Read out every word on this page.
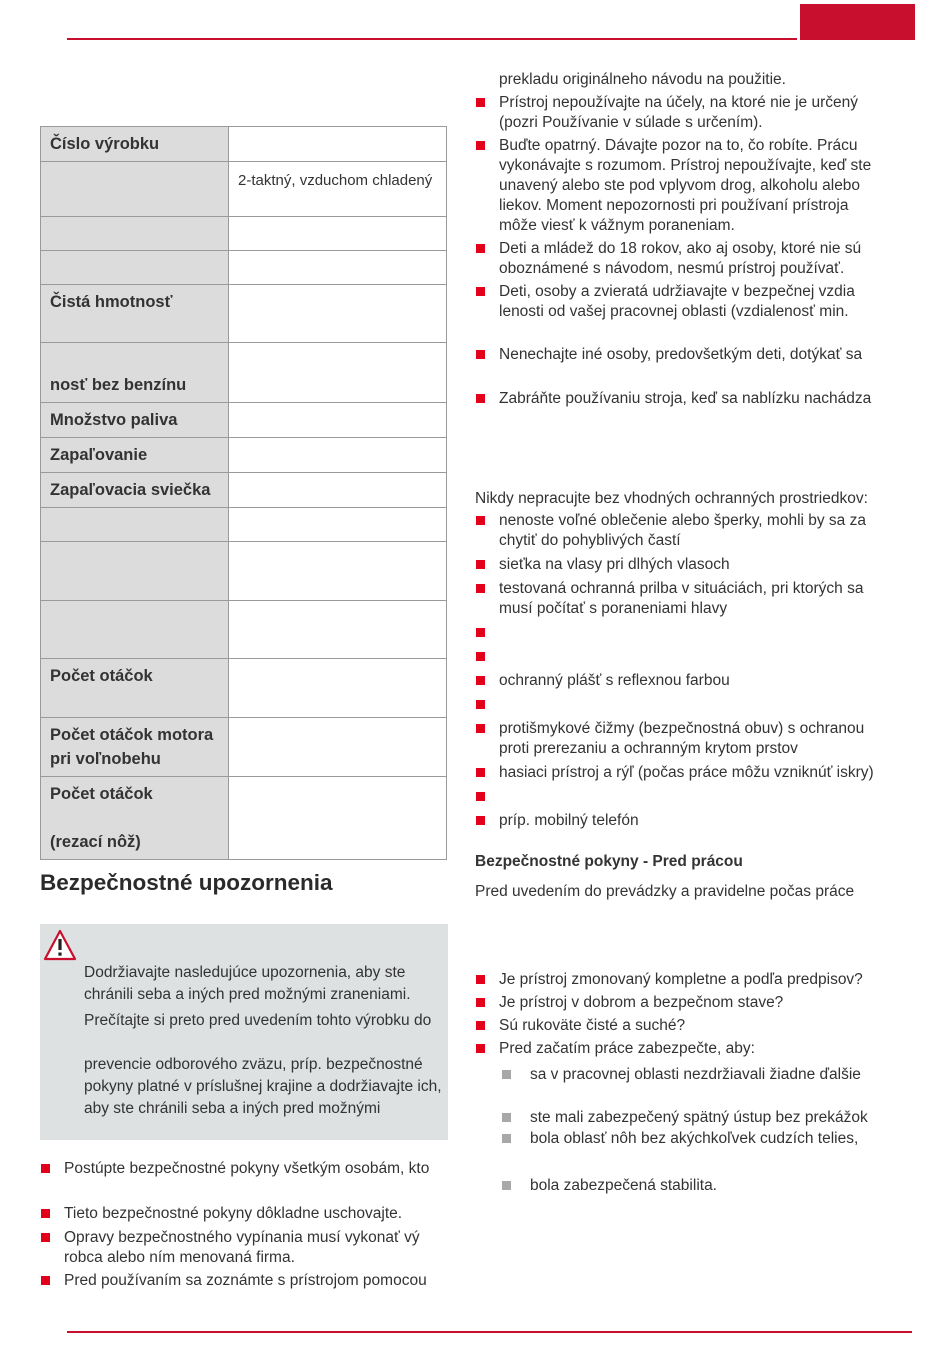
Číslo výrobku	
	2-taktný, vzduchom chladený

Čistá hmotnosť	
nosť bez benzínu	
Množstvo paliva	
Zapaľovanie	
Zapaľovacia sviečka	

Počet otáčok	
Počet otáčok motora pri voľnobehu	

Počet otáčok
(rezací nôž)	

Bezpečnostné upozornenia

Dodržiavajte nasledujúce upozornenia, aby ste chránili seba a iných pred možnými zraneniami.

Prečítajte si preto pred uvedením tohto výrobku do

prevencie odborového zväzu, príp. bezpečnostné pokyny platné v príslušnej krajine a dodržiavajte ich, aby ste chránili seba a iných pred možnými

Postúpte bezpečnostné pokyny všetkým osobám, kto
Tieto bezpečnostné pokyny dôkladne uschovajte.
Opravy bezpečnostného vypínania musí vykonať vý robca alebo ním menovaná firma.
Pred používaním sa zoznámte s prístrojom pomocou

prekladu originálneho návodu na použitie.

Prístroj nepoužívajte na účely, na ktoré nie je určený (pozri Používanie v súlade s určením).
Buďte opatrný. Dávajte pozor na to, čo robíte. Prácu vykonávajte s rozumom. Prístroj nepoužívajte, keď ste unavený alebo ste pod vplyvom drog, alkoholu alebo liekov. Moment nepozornosti pri používaní prístroja môže viesť k vážnym poraneniam.
Deti a mládež do 18 rokov, ako aj osoby, ktoré nie sú oboznámené s návodom, nesmú prístroj používať.
Deti, osoby a zvieratá udržiavajte v bezpečnej vzdia lenosti od vašej pracovnej oblasti (vzdialenosť min.
Nenechajte iné osoby, predovšetkým deti, dotýkať sa
Zabráňte používaniu stroja, keď sa nablízku nachádza

Nikdy nepracujte bez vhodných ochranných prostriedkov:

nenoste voľné oblečenie alebo šperky, mohli by sa za chytiť do pohyblivých častí
sieťka na vlasy pri dlhých vlasoch
testovaná ochranná prilba v situáciách, pri ktorých sa musí počítať s poraneniami hlavy
ochranný plášť s reflexnou farbou
protišmykové čižmy (bezpečnostná obuv) s ochranou proti prerezaniu a ochranným krytom prstov
hasiaci prístroj a rýľ (počas práce môžu vzniknúť iskry)
príp. mobilný telefón
Bezpečnostné pokyny - Pred prácou

Pred uvedením do prevádzky a pravidelne počas práce

Je prístroj zmonovaný kompletne a podľa predpisov?
Je prístroj v dobrom a bezpečnom stave?
Sú rukoväte čisté a suché?
Pred začatím práce zabezpečte, aby:
sa v pracovnej oblasti nezdržiavali žiadne ďalšie
ste mali zabezpečený spätný ústup bez prekážok
bola oblasť nôh bez akýchkoľvek cudzích telies,
bola zabezpečená stabilita.
